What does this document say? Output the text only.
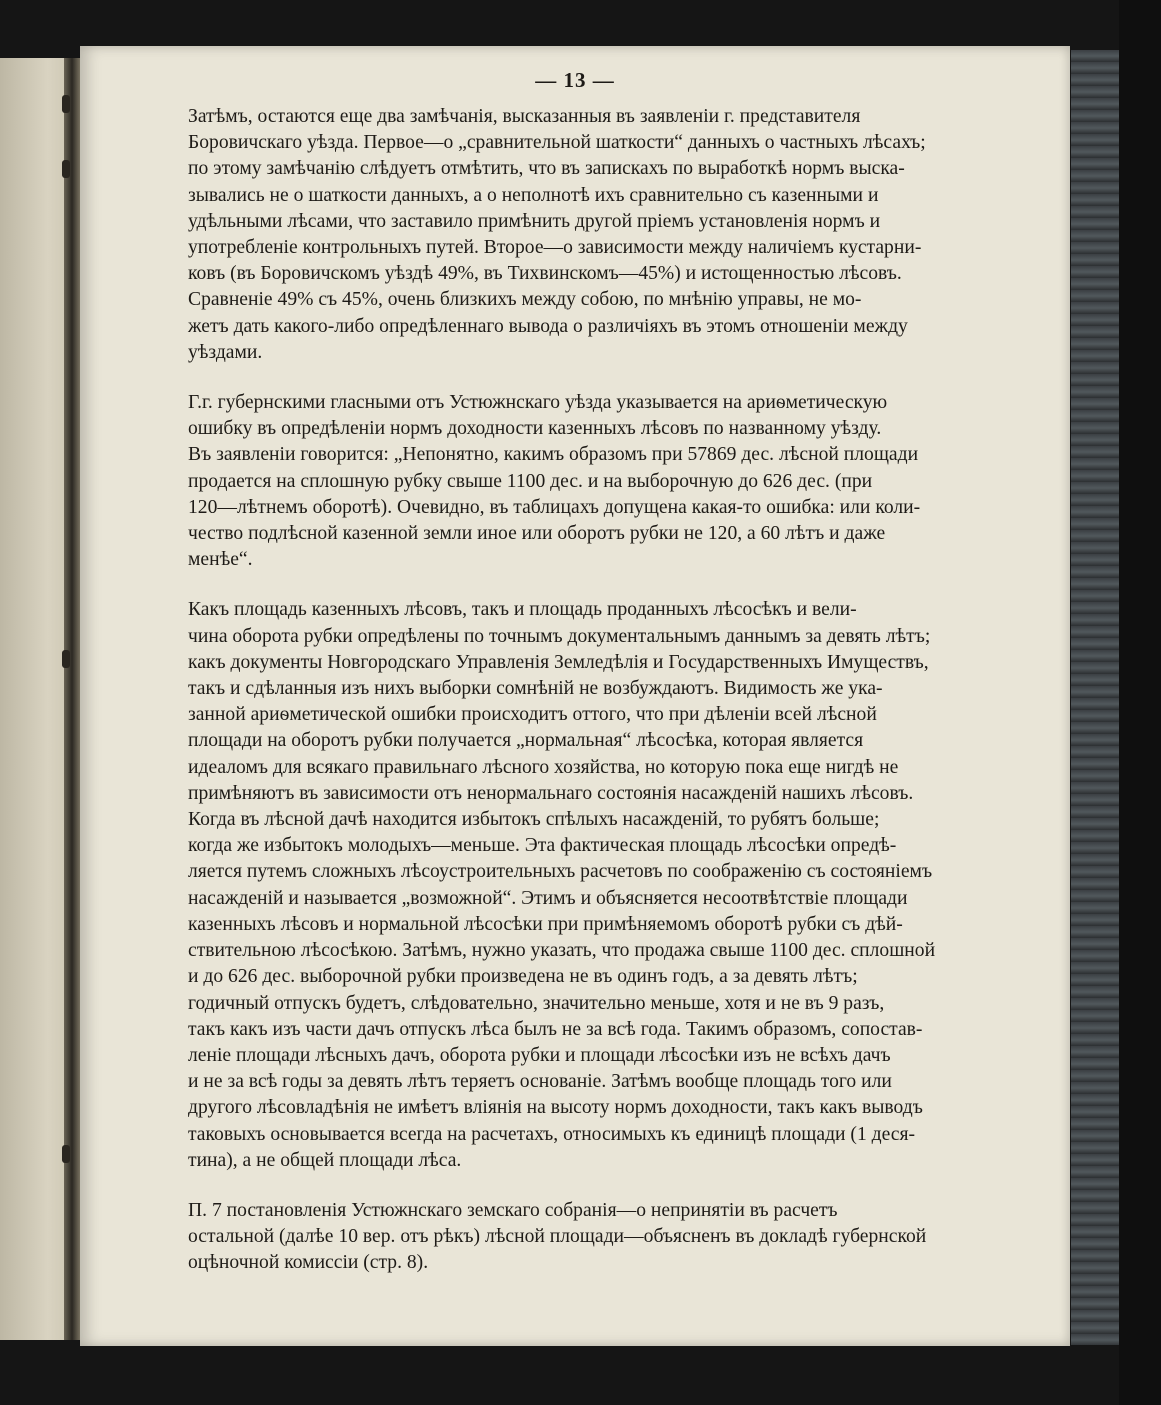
— 13 —

Затѣмъ, остаются еще два замѣчанія, высказанныя въ заявленіи г. представителя
Боровичскаго уѣзда. Первое—о „сравнительной шаткости“ данныхъ о частныхъ лѣсахъ;
по этому замѣчанію слѣдуетъ отмѣтить, что въ запискахъ по выработкѣ нормъ выска-
зывались не о шаткости данныхъ, а о неполнотѣ ихъ сравнительно съ казенными и
удѣльными лѣсами, что заставило примѣнить другой пріемъ установленія нормъ и
употребленіе контрольныхъ путей. Второе—о зависимости между наличіемъ кустарни-
ковъ (въ Боровичскомъ уѣздѣ 49%, въ Тихвинскомъ—45%) и истощенностью лѣсовъ.
Сравненіе 49% съ 45%, очень близкихъ между собою, по мнѣнію управы, не мо-
жетъ дать какого-либо опредѣленнаго вывода о различіяхъ въ этомъ отношеніи между
уѣздами.

Г.г. губернскими гласными отъ Устюжнскаго уѣзда указывается на ариѳметическую
ошибку въ опредѣленіи нормъ доходности казенныхъ лѣсовъ по названному уѣзду.
Въ заявленіи говорится: „Непонятно, какимъ образомъ при 57869 дес. лѣсной площади
продается на сплошную рубку свыше 1100 дес. и на выборочную до 626 дес. (при
120—лѣтнемъ оборотѣ). Очевидно, въ таблицахъ допущена какая-то ошибка: или коли-
чество подлѣсной казенной земли иное или оборотъ рубки не 120, а 60 лѣтъ и даже
менѣе“.

Какъ площадь казенныхъ лѣсовъ, такъ и площадь проданныхъ лѣсосѣкъ и вели-
чина оборота рубки опредѣлены по точнымъ документальнымъ даннымъ за девять лѣтъ;
какъ документы Новгородскаго Управленія Земледѣлія и Государственныхъ Имуществъ,
такъ и сдѣланныя изъ нихъ выборки сомнѣній не возбуждаютъ. Видимость же ука-
занной ариѳметической ошибки происходитъ оттого, что при дѣленіи всей лѣсной
площади на оборотъ рубки получается „нормальная“ лѣсосѣка, которая является
идеаломъ для всякаго правильнаго лѣсного хозяйства, но которую пока еще нигдѣ не
примѣняютъ въ зависимости отъ ненормальнаго состоянія насажденій нашихъ лѣсовъ.
Когда въ лѣсной дачѣ находится избытокъ спѣлыхъ насажденій, то рубятъ больше;
когда же избытокъ молодыхъ—меньше. Эта фактическая площадь лѣсосѣки опредѣ-
ляется путемъ сложныхъ лѣсоустроительныхъ расчетовъ по соображенію съ состояніемъ
насажденій и называется „возможной“. Этимъ и объясняется несоотвѣтствіе площади
казенныхъ лѣсовъ и нормальной лѣсосѣки при примѣняемомъ оборотѣ рубки съ дѣй-
ствительною лѣсосѣкою. Затѣмъ, нужно указать, что продажа свыше 1100 дес. сплошной
и до 626 дес. выборочной рубки произведена не въ одинъ годъ, а за девять лѣтъ;
годичный отпускъ будетъ, слѣдовательно, значительно меньше, хотя и не въ 9 разъ,
такъ какъ изъ части дачъ отпускъ лѣса былъ не за всѣ года. Такимъ образомъ, сопостав-
леніе площади лѣсныхъ дачъ, оборота рубки и площади лѣсосѣки изъ не всѣхъ дачъ
и не за всѣ годы за девять лѣтъ теряетъ основаніе. Затѣмъ вообще площадь того или
другого лѣсовладѣнія не имѣетъ вліянія на высоту нормъ доходности, такъ какъ выводъ
таковыхъ основывается всегда на расчетахъ, относимыхъ къ единицѣ площади (1 деся-
тина), а не общей площади лѣса.

П. 7 постановленія Устюжнскаго земскаго собранія—о непринятіи въ расчетъ
остальной (далѣе 10 вер. отъ рѣкъ) лѣсной площади—объясненъ въ докладѣ губернской
оцѣночной комиссіи (стр. 8).
